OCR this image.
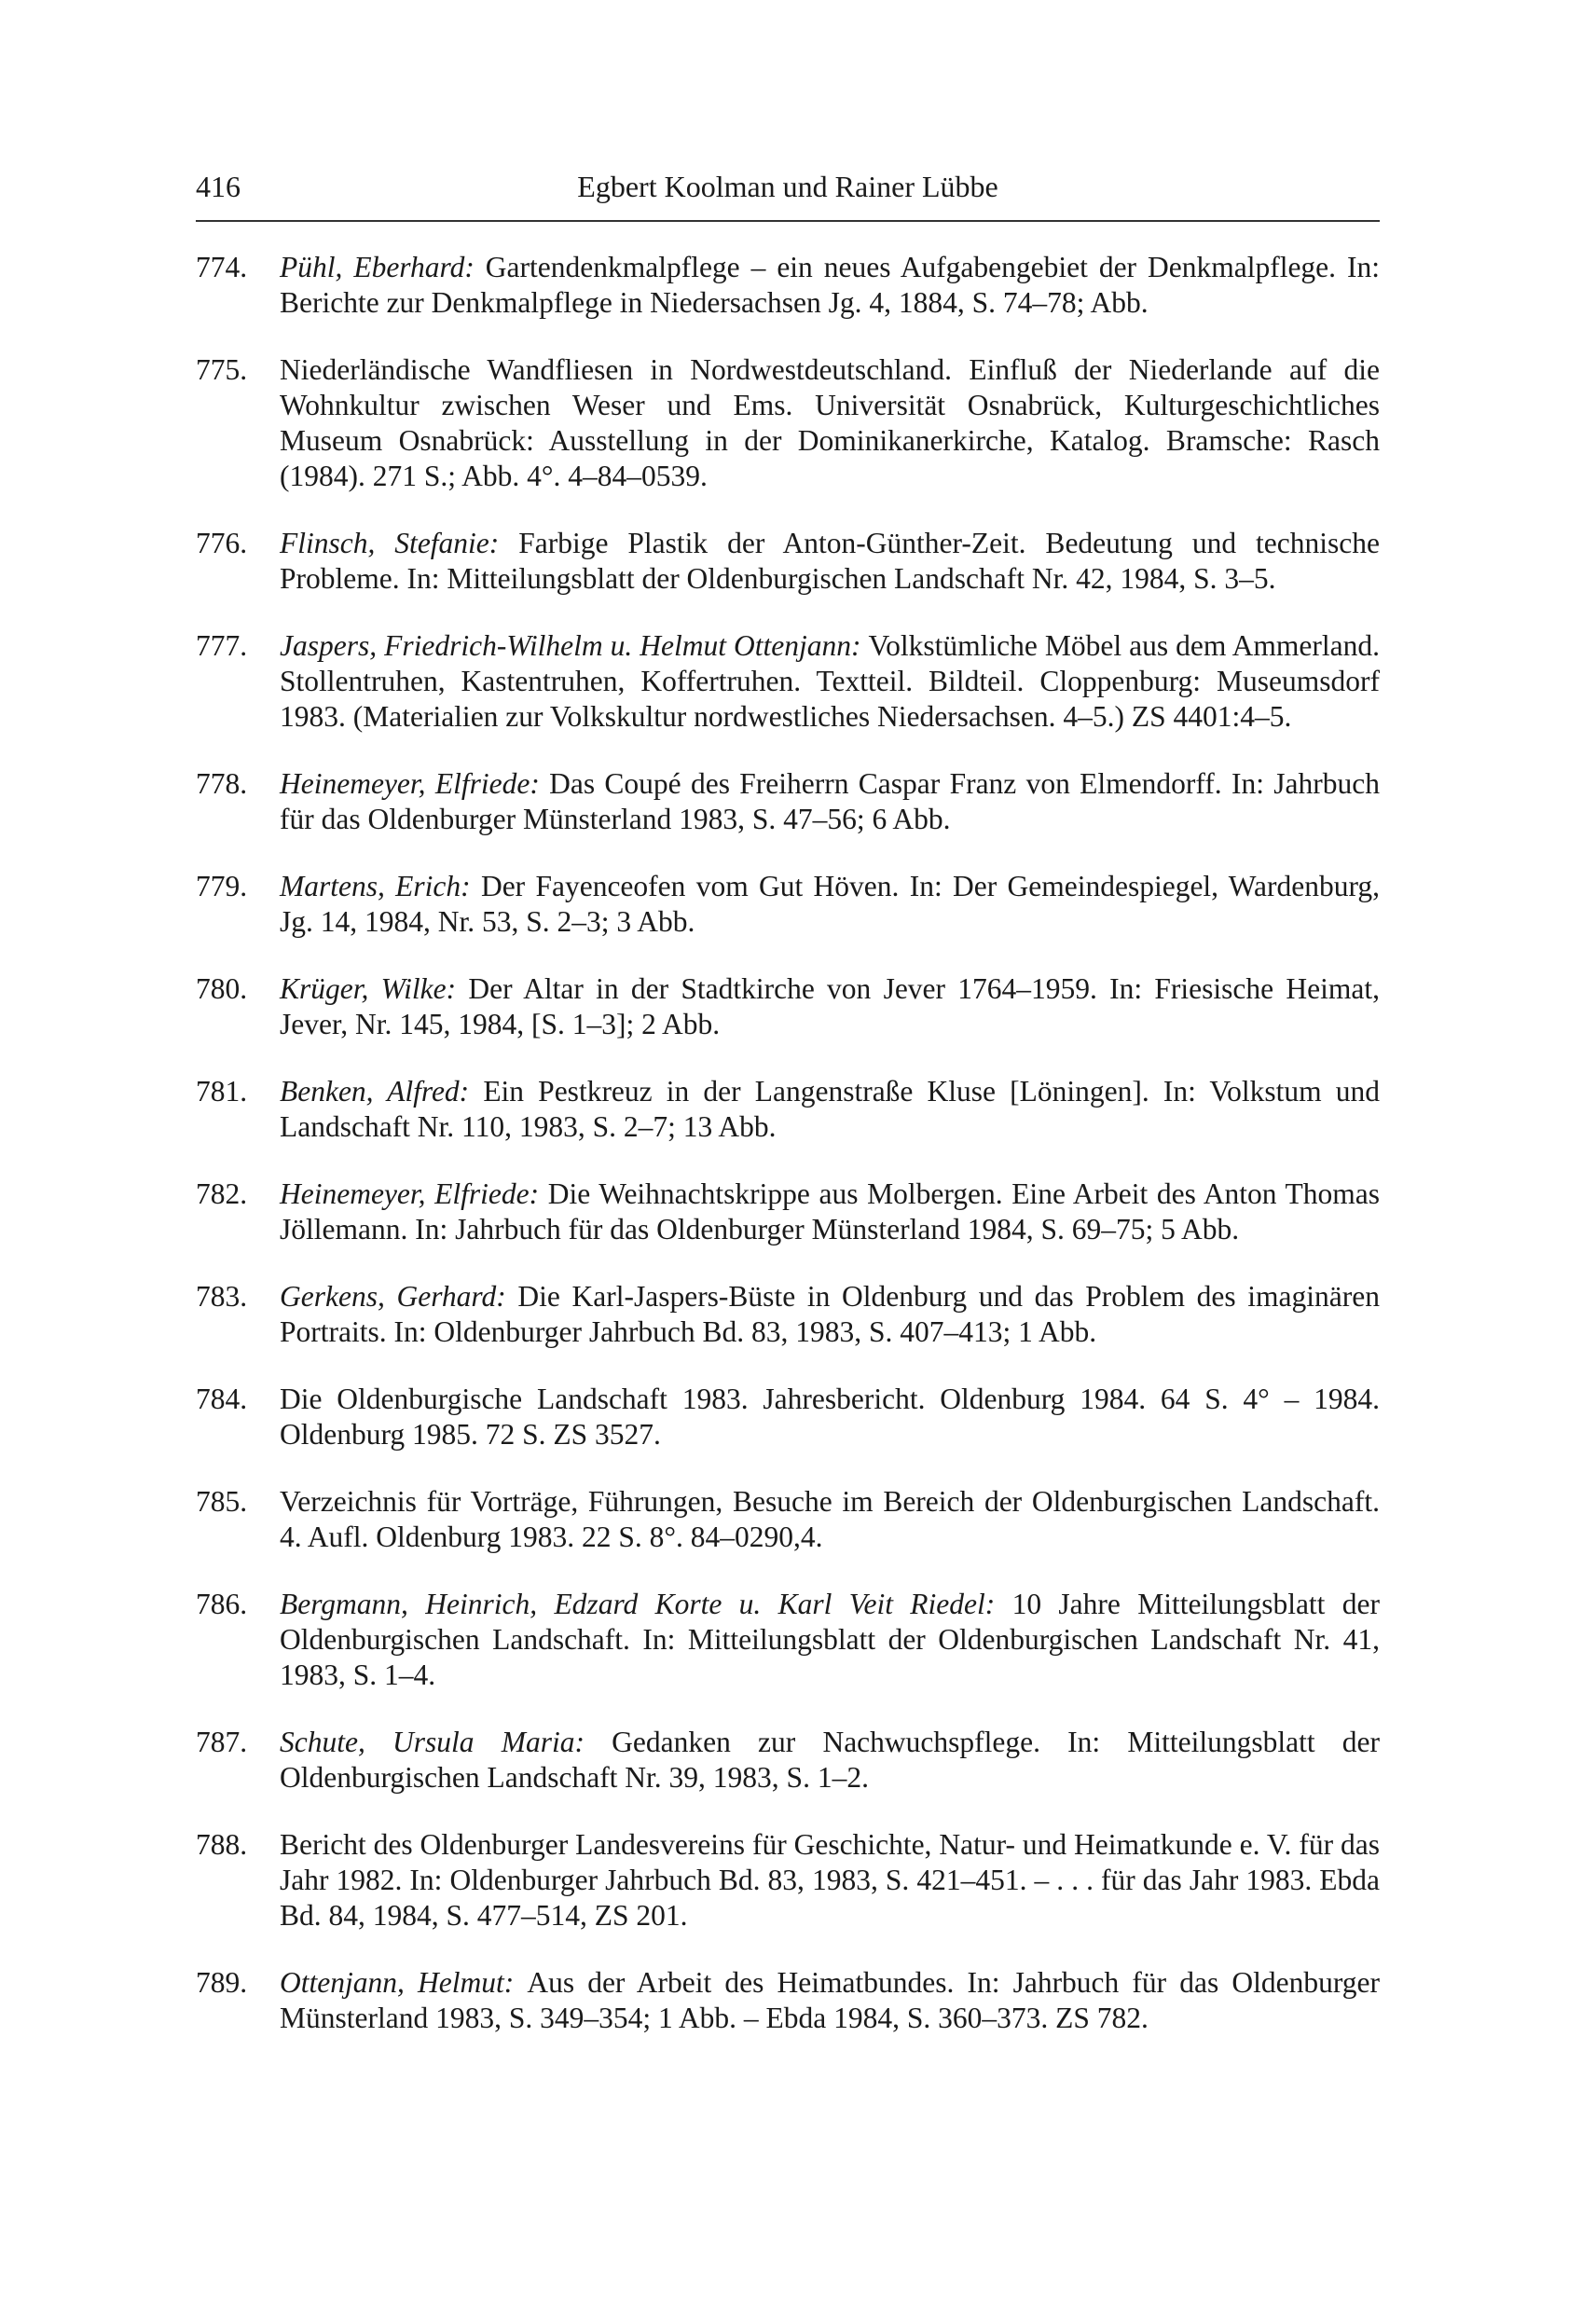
416	Egbert Koolman und Rainer Lübbe
774. Pühl, Eberhard: Gartendenkmalpflege – ein neues Aufgabengebiet der Denkmalpflege. In: Berichte zur Denkmalpflege in Niedersachsen Jg. 4, 1884, S. 74–78; Abb.
775. Niederländische Wandfliesen in Nordwestdeutschland. Einfluß der Niederlande auf die Wohnkultur zwischen Weser und Ems. Universität Osnabrück, Kulturgeschichtliches Museum Osnabrück: Ausstellung in der Dominikanerkirche, Katalog. Bramsche: Rasch (1984). 271 S.; Abb. 4°. 4–84–0539.
776. Flinsch, Stefanie: Farbige Plastik der Anton-Günther-Zeit. Bedeutung und technische Probleme. In: Mitteilungsblatt der Oldenburgischen Landschaft Nr. 42, 1984, S. 3–5.
777. Jaspers, Friedrich-Wilhelm u. Helmut Ottenjann: Volkstümliche Möbel aus dem Ammerland. Stollentruhen, Kastentruhen, Koffertruhen. Textteil. Bildteil. Cloppenburg: Museumsdorf 1983. (Materialien zur Volkskultur nordwestliches Niedersachsen. 4–5.) ZS 4401:4–5.
778. Heinemeyer, Elfriede: Das Coupé des Freiherrn Caspar Franz von Elmendorff. In: Jahrbuch für das Oldenburger Münsterland 1983, S. 47–56; 6 Abb.
779. Martens, Erich: Der Fayenceofen vom Gut Höven. In: Der Gemeindespiegel, Wardenburg, Jg. 14, 1984, Nr. 53, S. 2–3; 3 Abb.
780. Krüger, Wilke: Der Altar in der Stadtkirche von Jever 1764–1959. In: Friesische Heimat, Jever, Nr. 145, 1984, [S. 1–3]; 2 Abb.
781. Benken, Alfred: Ein Pestkreuz in der Langenstraße Kluse [Löningen]. In: Volkstum und Landschaft Nr. 110, 1983, S. 2–7; 13 Abb.
782. Heinemeyer, Elfriede: Die Weihnachtskrippe aus Molbergen. Eine Arbeit des Anton Thomas Jöllemann. In: Jahrbuch für das Oldenburger Münsterland 1984, S. 69–75; 5 Abb.
783. Gerkens, Gerhard: Die Karl-Jaspers-Büste in Oldenburg und das Problem des imaginären Portraits. In: Oldenburger Jahrbuch Bd. 83, 1983, S. 407–413; 1 Abb.
784. Die Oldenburgische Landschaft 1983. Jahresbericht. Oldenburg 1984. 64 S. 4° – 1984. Oldenburg 1985. 72 S. ZS 3527.
785. Verzeichnis für Vorträge, Führungen, Besuche im Bereich der Oldenburgischen Landschaft. 4. Aufl. Oldenburg 1983. 22 S. 8°. 84–0290,4.
786. Bergmann, Heinrich, Edzard Korte u. Karl Veit Riedel: 10 Jahre Mitteilungsblatt der Oldenburgischen Landschaft. In: Mitteilungsblatt der Oldenburgischen Landschaft Nr. 41, 1983, S. 1–4.
787. Schute, Ursula Maria: Gedanken zur Nachwuchspflege. In: Mitteilungsblatt der Oldenburgischen Landschaft Nr. 39, 1983, S. 1–2.
788. Bericht des Oldenburger Landesvereins für Geschichte, Natur- und Heimatkunde e. V. für das Jahr 1982. In: Oldenburger Jahrbuch Bd. 83, 1983, S. 421–451. – . . . für das Jahr 1983. Ebda Bd. 84, 1984, S. 477–514, ZS 201.
789. Ottenjann, Helmut: Aus der Arbeit des Heimatbundes. In: Jahrbuch für das Oldenburger Münsterland 1983, S. 349–354; 1 Abb. – Ebda 1984, S. 360–373. ZS 782.
